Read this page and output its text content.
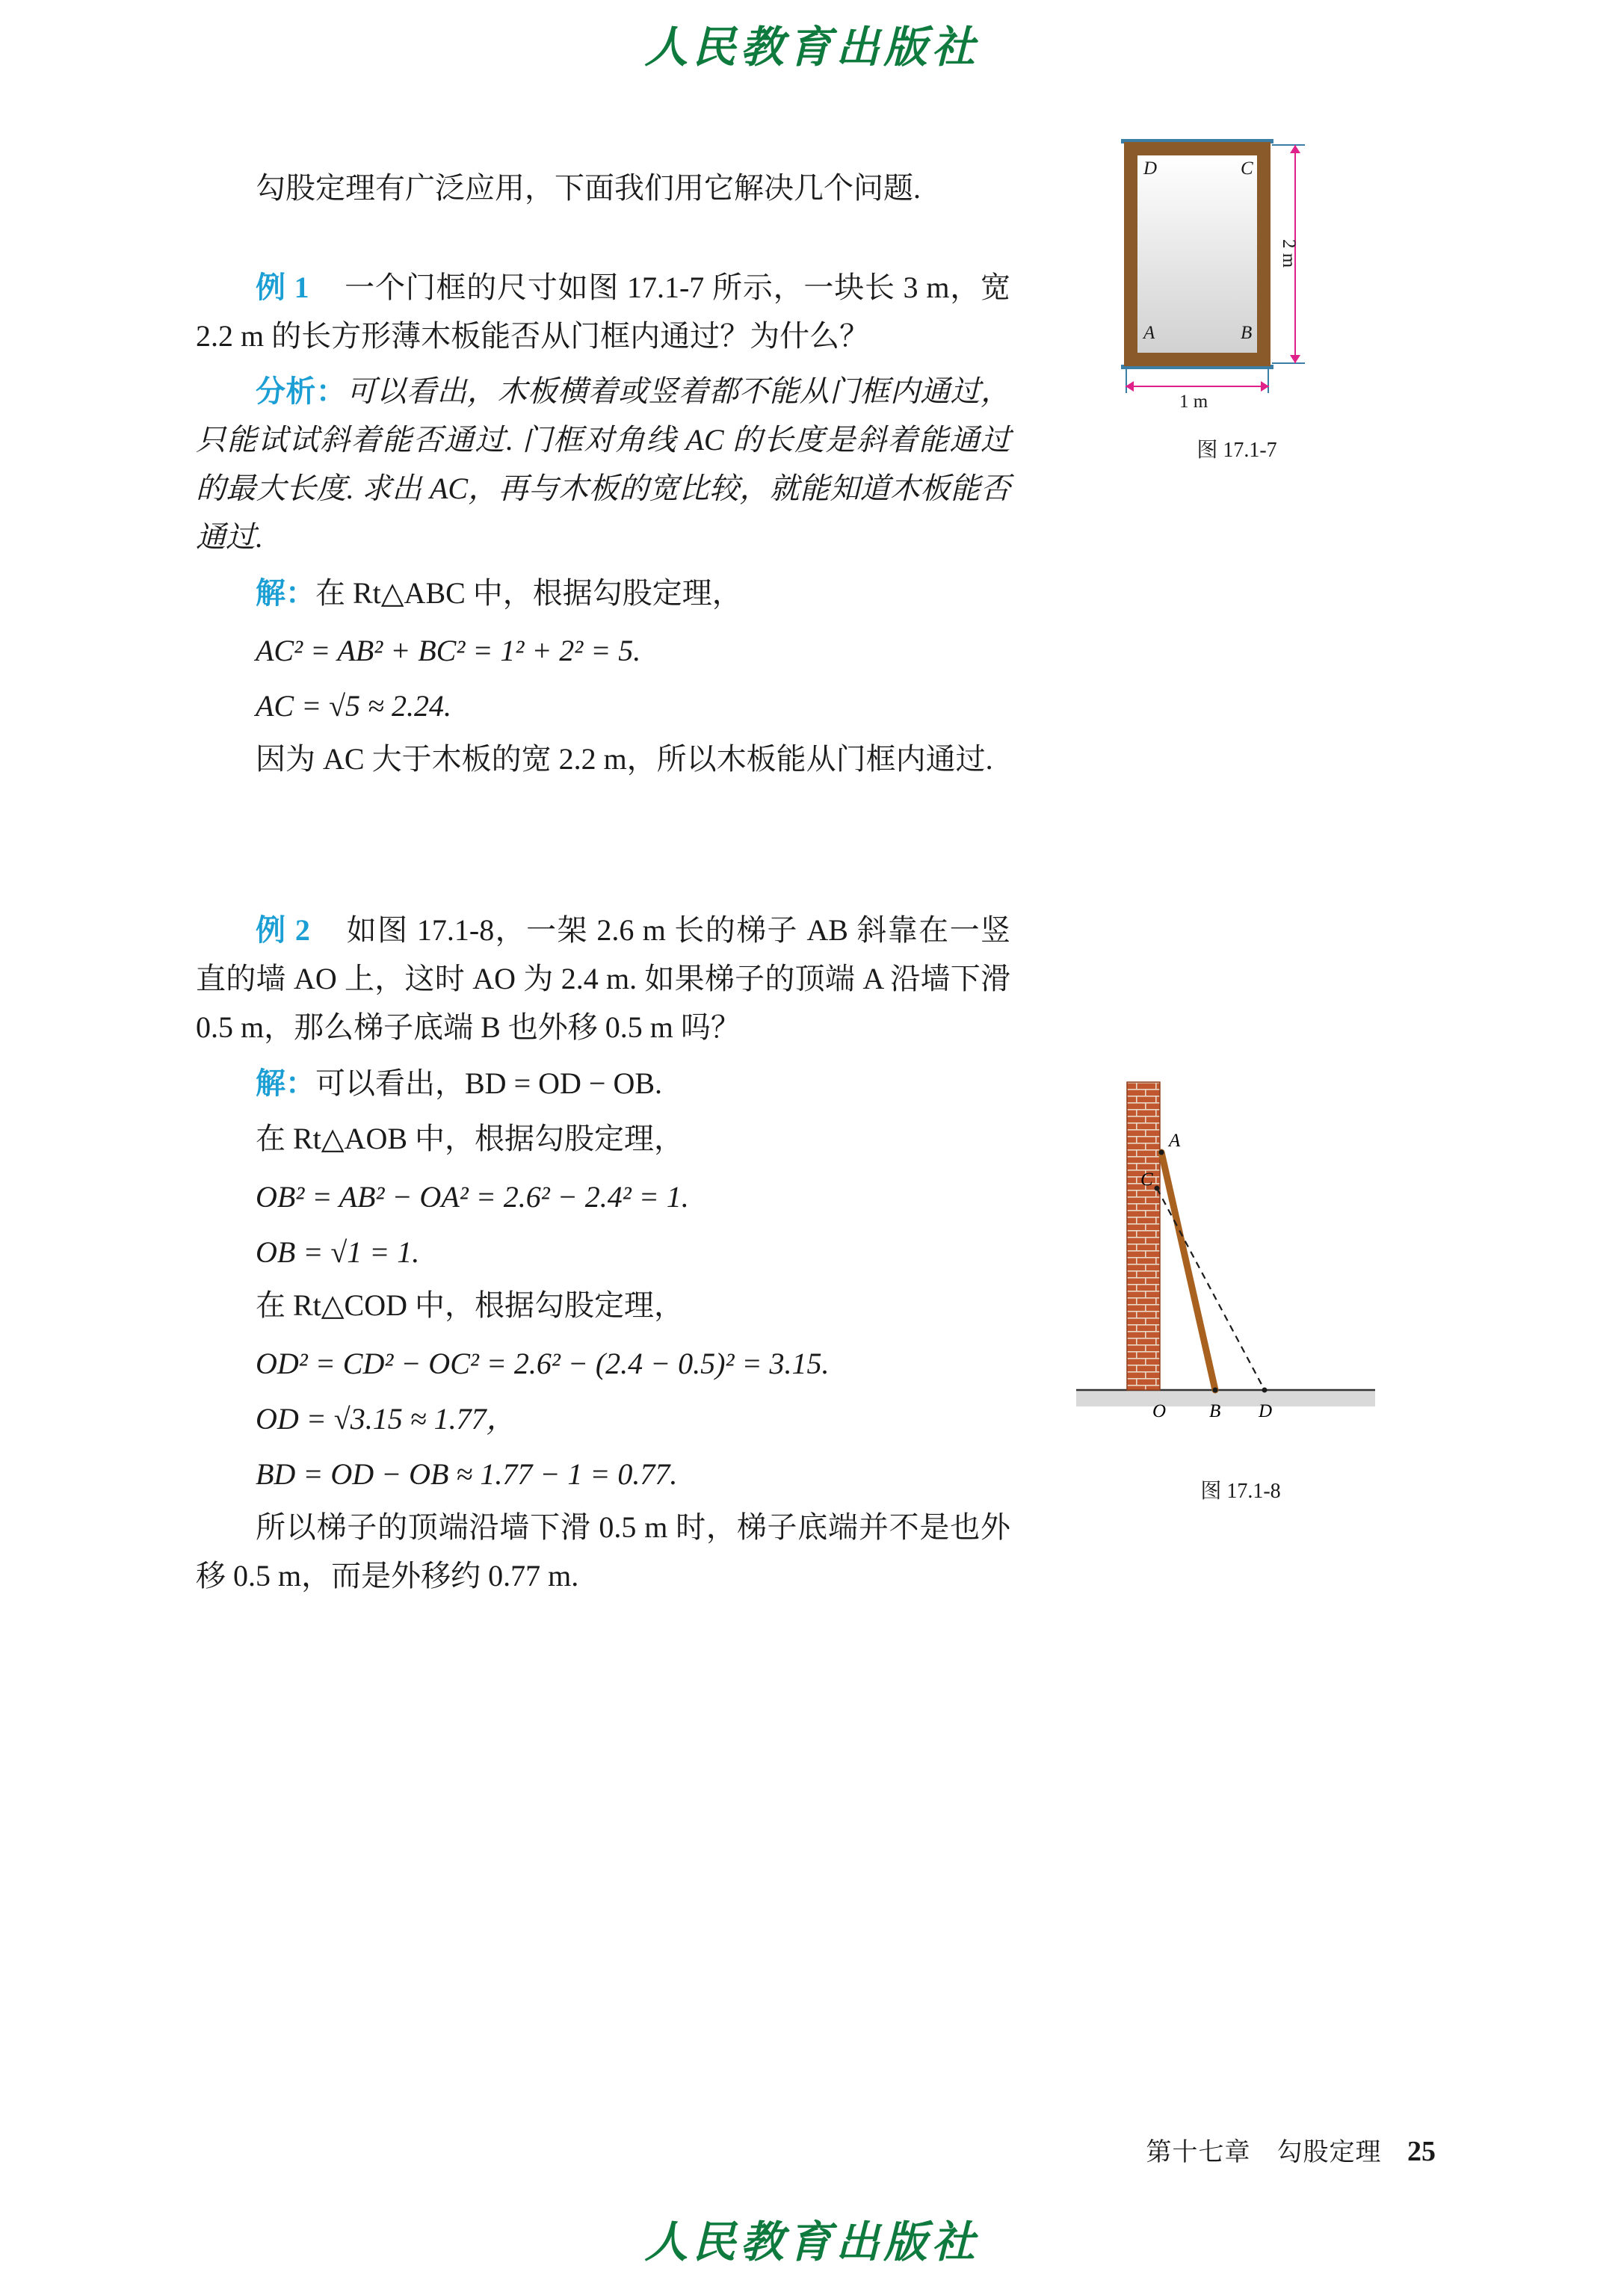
人民教育出版社

勾股定理有广泛应用，下面我们用它解决几个问题.

例 1 一个门框的尺寸如图 17.1-7 所示，一块长 3 m，宽 2.2 m 的长方形薄木板能否从门框内通过？为什么？

分析：可以看出，木板横着或竖着都不能从门框内通过，只能试试斜着能否通过. 门框对角线 AC 的长度是斜着能通过的最大长度. 求出 AC，再与木板的宽比较，就能知道木板能否通过.

解：在 Rt△ABC 中，根据勾股定理，

AC² = AB² + BC² = 1² + 2² = 5.

AC = √5 ≈ 2.24.

因为 AC 大于木板的宽 2.2 m，所以木板能从门框内通过.

例 2 如图 17.1-8，一架 2.6 m 长的梯子 AB 斜靠在一竖直的墙 AO 上，这时 AO 为 2.4 m. 如果梯子的顶端 A 沿墙下滑 0.5 m，那么梯子底端 B 也外移 0.5 m 吗？

解：可以看出，BD = OD − OB.

在 Rt△AOB 中，根据勾股定理，

OB² = AB² − OA² = 2.6² − 2.4² = 1.

OB = √1 = 1.

在 Rt△COD 中，根据勾股定理，

OD² = CD² − OC² = 2.6² − (2.4 − 0.5)² = 3.15.

OD = √3.15 ≈ 1.77，

BD = OD − OB ≈ 1.77 − 1 = 0.77.

所以梯子的顶端沿墙下滑 0.5 m 时，梯子底端并不是也外移 0.5 m，而是外移约 0.77 m.

D	C
A	B
2 m
1 m
图 17.1-7
A
C
O B D
图 17.1-8
第十七章　勾股定理 25
人民教育出版社
